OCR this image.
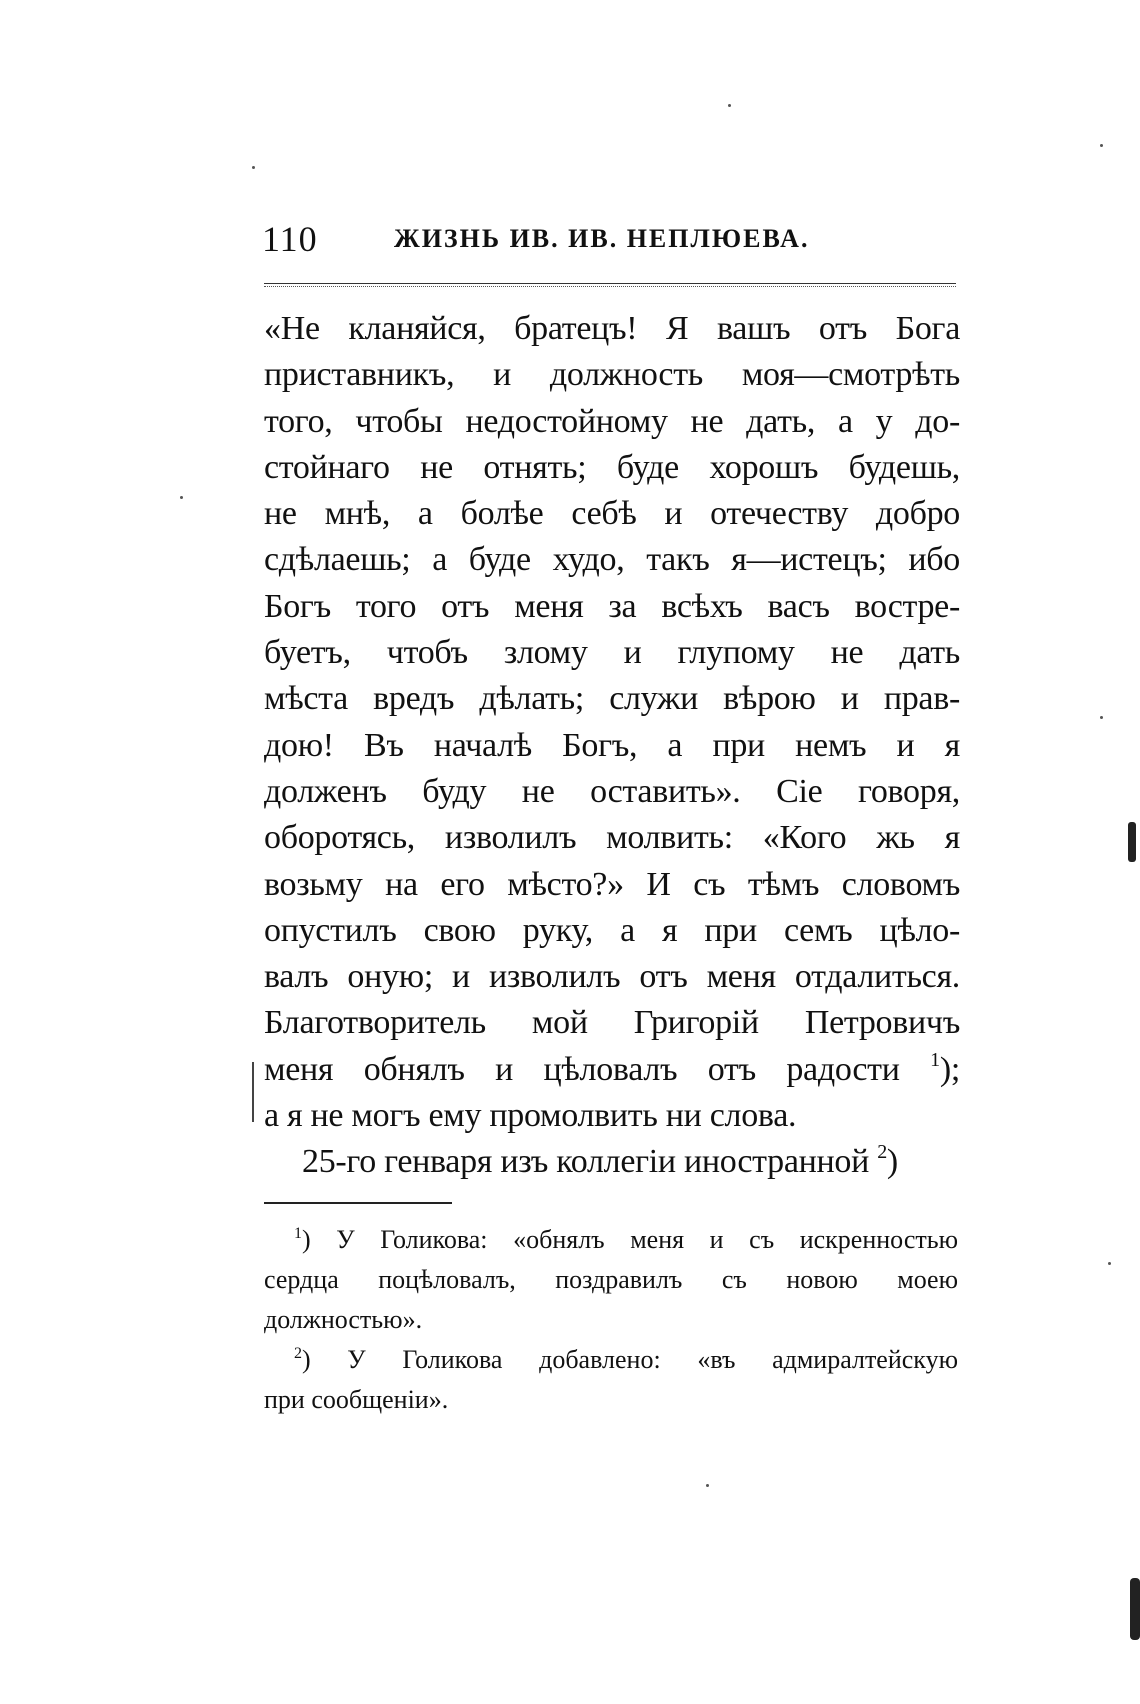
110	ЖИЗНЬ ИВ. ИВ. НЕПЛЮЕВА.
«Не кланяйся, братецъ! Я вашъ отъ Бога
приставникъ, и должность моя—смотрѣть
того, чтобы недостойному не дать, а у до-
стойнаго не отнять; буде хорошъ будешь,
не мнѣ, а болѣе себѣ и отечеству добро
сдѣлаешь; а буде худо, такъ я—истецъ; ибо
Богъ того отъ меня за всѣхъ васъ востре-
буетъ, чтобъ злому и глупому не дать
мѣста вредъ дѣлать; служи вѣрою и прав-
дою! Въ началѣ Богъ, а при немъ и я
долженъ буду не оставить». Сіе говоря,
оборотясь, изволилъ молвить: «Кого жь я
возьму на его мѣсто?» И съ тѣмъ словомъ
опустилъ свою руку, а я при семъ цѣло-
валъ оную; и изволилъ отъ меня отдалиться.
Благотворитель мой Григорій Петровичъ
меня обнялъ и цѣловалъ отъ радости $^1$);
а я не могъ ему промолвить ни слова.
25-го генваря изъ коллегіи иностранной $^2$)
$^1$) У Голикова: «обнялъ меня и съ искренностью
сердца поцѣловалъ, поздравилъ съ новою моею
должностью».
$^2$) У Голикова добавлено: «въ адмиралтейскую
при сообщеніи».
